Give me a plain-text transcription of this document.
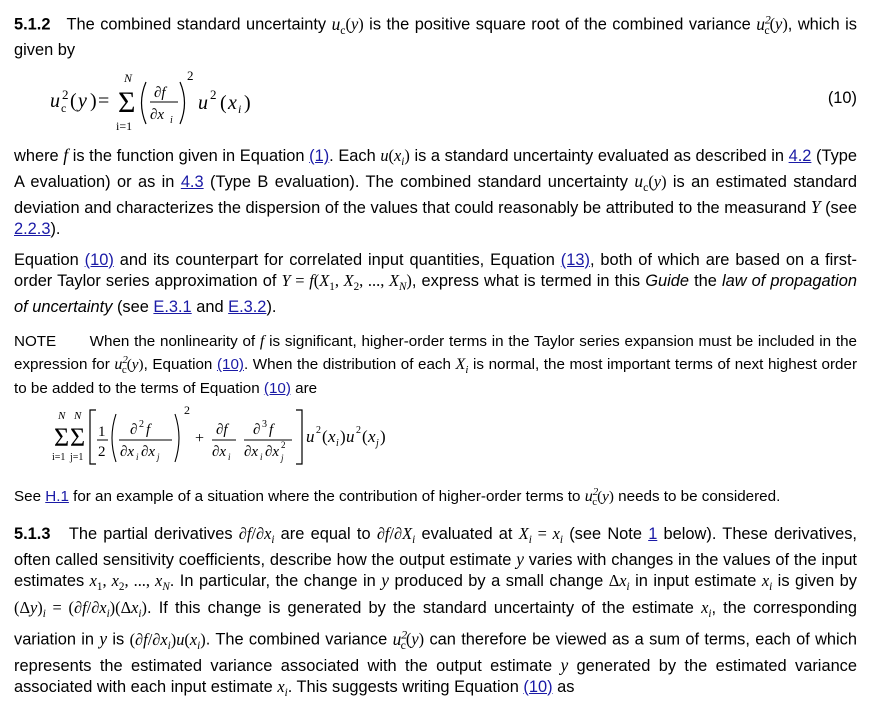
5.1.2 The combined standard uncertainty $u_c(y)$ is the positive square root of the combined variance $u^2_c(y)$, which is given by
u 2
c ( y ) = Σ
N
i=1
∂f
∂x i
2
u 2 ( x i )	(10)
where f is the function given in Equation (1). Each $u(x_i)$ is a standard uncertainty evaluated as described in 4.2 (Type A evaluation) or as in 4.3 (Type B evaluation). The combined standard uncertainty $u_c(y)$ is an estimated standard deviation and characterizes the dispersion of the values that could reasonably be attributed to the measurand Y (see 2.2.3).
Equation (10) and its counterpart for correlated input quantities, Equation (13), both of which are based on a first-order Taylor series approximation of $Y = f(X_1$, $X_2$, ..., $X_N$), express what is termed in this Guide the law of propagation of uncertainty (see E.3.1 and E.3.2).
NOTE When the nonlinearity of f is significant, higher-order terms in the Taylor series expansion must be included in the expression for $u^2_c(y)$, Equation (10). When the distribution of each $X_i$ is normal, the most important terms of next highest order to be added to the terms of Equation (10) are
Σ Σ
N N
i=1 j=1
1
2
∂ 2 f
∂x i ∂x j
2
+ ∂f
∂x i
∂ 3 f
∂x i ∂x 2
j
u 2 ( x i ) u 2 ( x j )
See H.1 for an example of a situation where the contribution of higher-order terms to $u^2_c(y)$ needs to be considered.
5.1.3 The partial derivatives $\partial f/\partial x_i$ are equal to $\partial f/\partial X_i$ evaluated at $X_i = x_i$ (see Note 1 below). These derivatives, often called sensitivity coefficients, describe how the output estimate y varies with changes in the values of the input estimates $x_1$, $x_2$, ..., $x_N$. In particular, the change in y produced by a small change $\Delta x_i$ in input estimate $x_i$ is given by $(\Delta y)_i = (\partial f/\partial x_i)(\Delta x_i)$. If this change is generated by the standard uncertainty of the estimate $x_i$, the corresponding variation in y is $(\partial f/\partial x_i)u(x_i)$. The combined variance $u^2_c(y)$ can therefore be viewed as a sum of terms, each of which represents the estimated variance associated with the output estimate y generated by the estimated variance associated with each input estimate $x_i$. This suggests writing Equation (10) as
